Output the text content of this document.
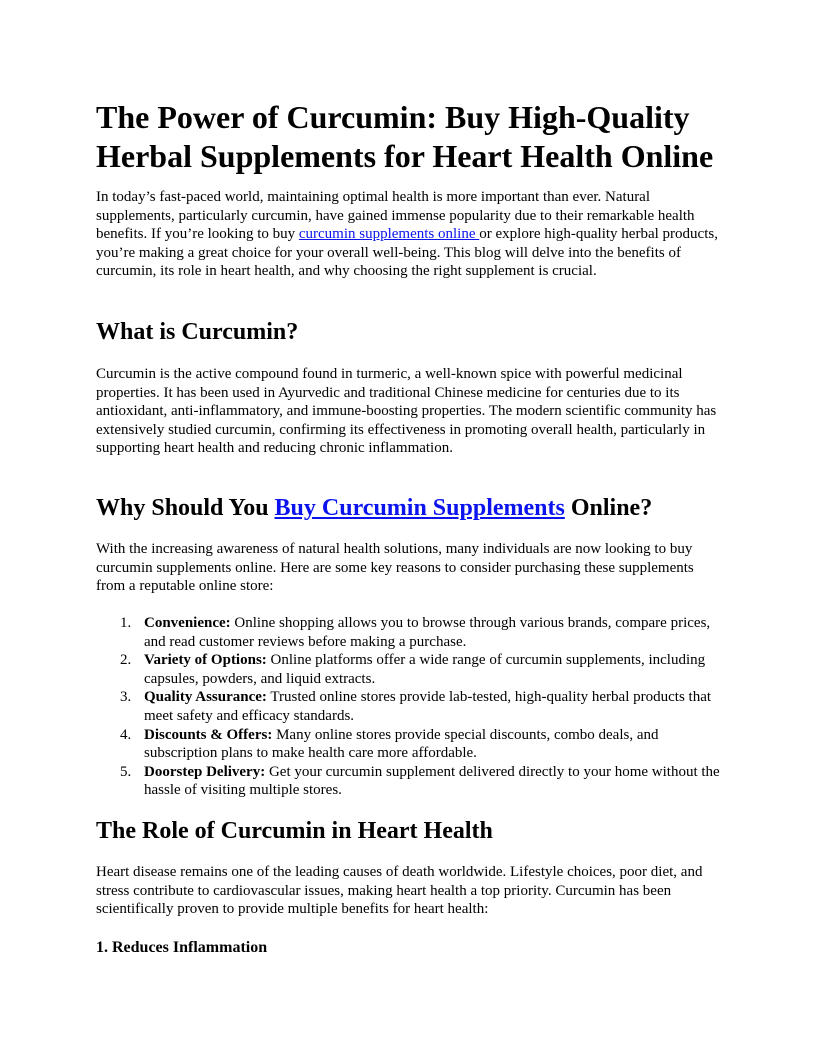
The Power of Curcumin: Buy High-Quality Herbal Supplements for Heart Health Online

In today’s fast-paced world, maintaining optimal health is more important than ever. Natural supplements, particularly curcumin, have gained immense popularity due to their remarkable health benefits. If you’re looking to buy curcumin supplements online or explore high-quality herbal products, you’re making a great choice for your overall well-being. This blog will delve into the benefits of curcumin, its role in heart health, and why choosing the right supplement is crucial.

What is Curcumin?

Curcumin is the active compound found in turmeric, a well-known spice with powerful medicinal properties. It has been used in Ayurvedic and traditional Chinese medicine for centuries due to its antioxidant, anti-inflammatory, and immune-boosting properties. The modern scientific community has extensively studied curcumin, confirming its effectiveness in promoting overall health, particularly in supporting heart health and reducing chronic inflammation.

Why Should You Buy Curcumin Supplements Online?

With the increasing awareness of natural health solutions, many individuals are now looking to buy curcumin supplements online. Here are some key reasons to consider purchasing these supplements from a reputable online store:

1. Convenience: Online shopping allows you to browse through various brands, compare prices, and read customer reviews before making a purchase.
2. Variety of Options: Online platforms offer a wide range of curcumin supplements, including capsules, powders, and liquid extracts.
3. Quality Assurance: Trusted online stores provide lab-tested, high-quality herbal products that meet safety and efficacy standards.
4. Discounts & Offers: Many online stores provide special discounts, combo deals, and subscription plans to make health care more affordable.
5. Doorstep Delivery: Get your curcumin supplement delivered directly to your home without the hassle of visiting multiple stores.
The Role of Curcumin in Heart Health

Heart disease remains one of the leading causes of death worldwide. Lifestyle choices, poor diet, and stress contribute to cardiovascular issues, making heart health a top priority. Curcumin has been scientifically proven to provide multiple benefits for heart health:

1. Reduces Inflammation
